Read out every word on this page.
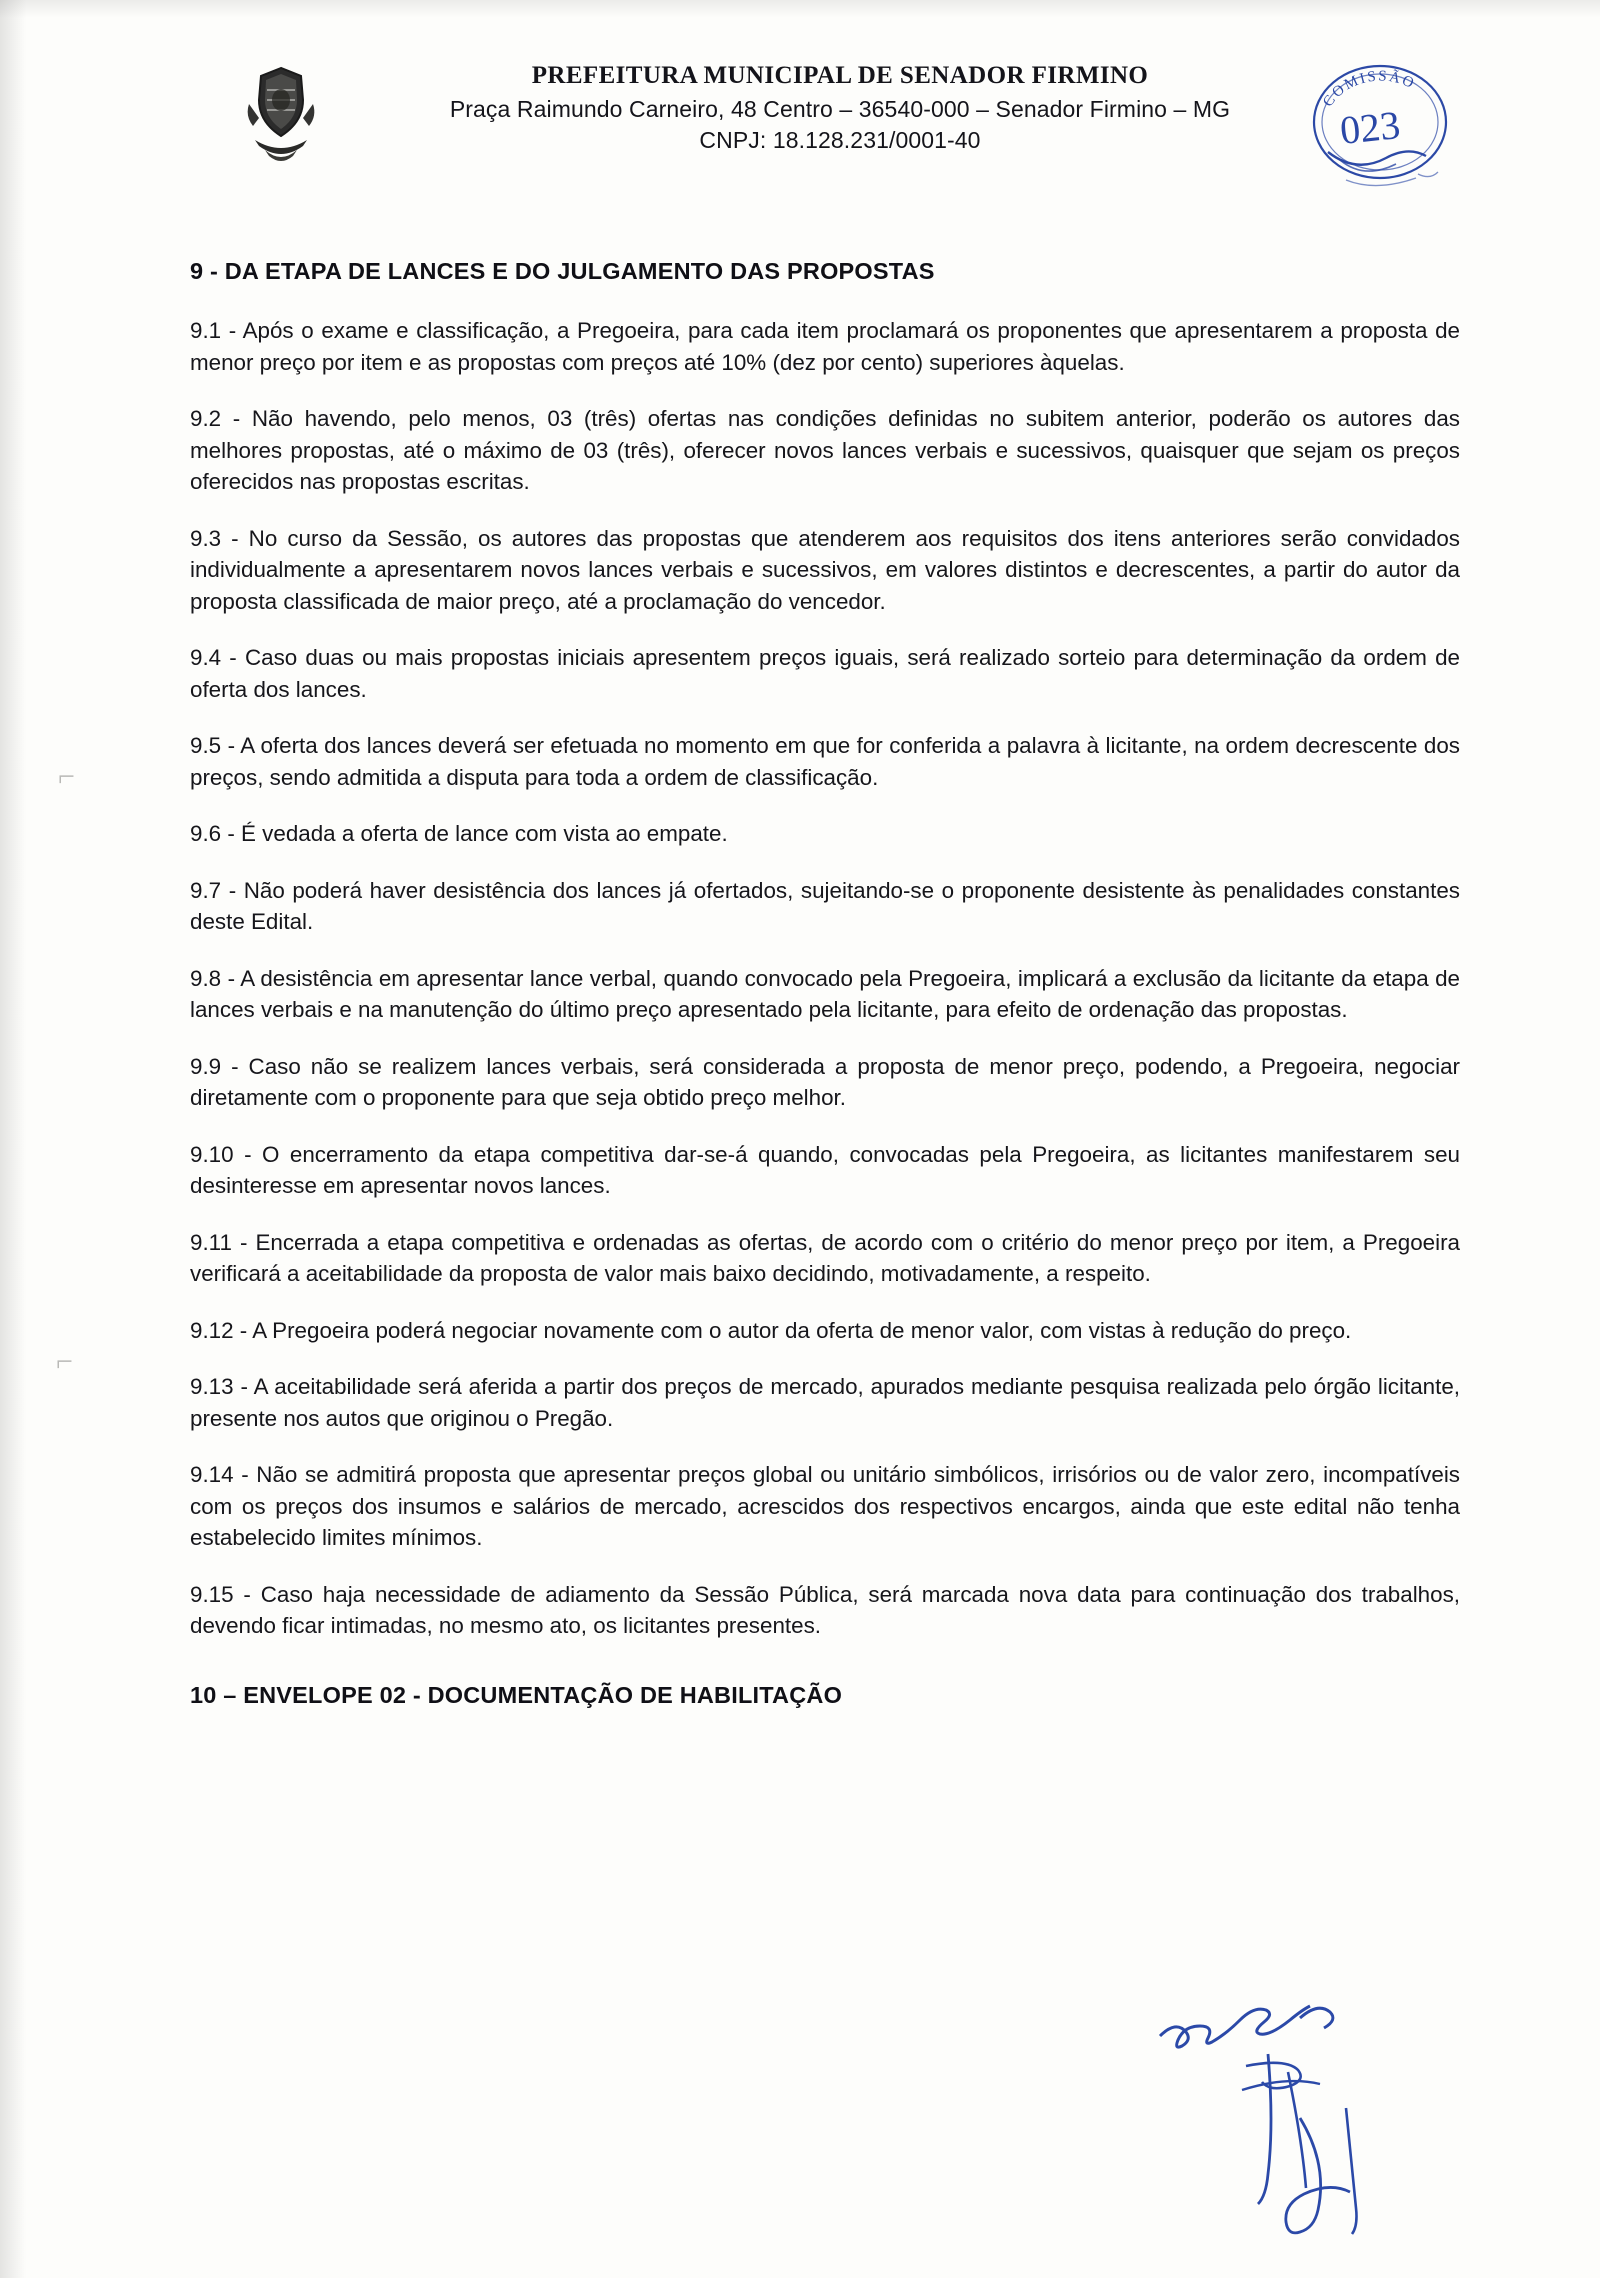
PREFEITURA MUNICIPAL DE SENADOR FIRMINO
Praça Raimundo Carneiro, 48 Centro – 36540-000 – Senador Firmino – MG
CNPJ: 18.128.231/0001-40
COMISSÃO
023
⌐
⌐
9 - DA ETAPA DE LANCES E DO JULGAMENTO DAS PROPOSTAS

9.1 - Após o exame e classificação, a Pregoeira, para cada item proclamará os proponentes que apresentarem a proposta de menor preço por item e as propostas com preços até 10% (dez por cento) superiores àquelas.

9.2 - Não havendo, pelo menos, 03 (três) ofertas nas condições definidas no subitem anterior, poderão os autores das melhores propostas, até o máximo de 03 (três), oferecer novos lances verbais e sucessivos, quaisquer que sejam os preços oferecidos nas propostas escritas.

9.3 - No curso da Sessão, os autores das propostas que atenderem aos requisitos dos itens anteriores serão convidados individualmente a apresentarem novos lances verbais e sucessivos, em valores distintos e decrescentes, a partir do autor da proposta classificada de maior preço, até a proclamação do vencedor.

9.4 - Caso duas ou mais propostas iniciais apresentem preços iguais, será realizado sorteio para determinação da ordem de oferta dos lances.

9.5 - A oferta dos lances deverá ser efetuada no momento em que for conferida a palavra à licitante, na ordem decrescente dos preços, sendo admitida a disputa para toda a ordem de classificação.

9.6 - É vedada a oferta de lance com vista ao empate.

9.7 - Não poderá haver desistência dos lances já ofertados, sujeitando-se o proponente desistente às penalidades constantes deste Edital.

9.8 - A desistência em apresentar lance verbal, quando convocado pela Pregoeira, implicará a exclusão da licitante da etapa de lances verbais e na manutenção do último preço apresentado pela licitante, para efeito de ordenação das propostas.

9.9 - Caso não se realizem lances verbais, será considerada a proposta de menor preço, podendo, a Pregoeira, negociar diretamente com o proponente para que seja obtido preço melhor.

9.10 - O encerramento da etapa competitiva dar-se-á quando, convocadas pela Pregoeira, as licitantes manifestarem seu desinteresse em apresentar novos lances.

9.11 - Encerrada a etapa competitiva e ordenadas as ofertas, de acordo com o critério do menor preço por item, a Pregoeira verificará a aceitabilidade da proposta de valor mais baixo decidindo, motivadamente, a respeito.

9.12 - A Pregoeira poderá negociar novamente com o autor da oferta de menor valor, com vistas à redução do preço.

9.13 - A aceitabilidade será aferida a partir dos preços de mercado, apurados mediante pesquisa realizada pelo órgão licitante, presente nos autos que originou o Pregão.

9.14 - Não se admitirá proposta que apresentar preços global ou unitário simbólicos, irrisórios ou de valor zero, incompatíveis com os preços dos insumos e salários de mercado, acrescidos dos respectivos encargos, ainda que este edital não tenha estabelecido limites mínimos.

9.15 - Caso haja necessidade de adiamento da Sessão Pública, será marcada nova data para continuação dos trabalhos, devendo ficar intimadas, no mesmo ato, os licitantes presentes.

10 – ENVELOPE 02 - DOCUMENTAÇÃO DE HABILITAÇÃO
